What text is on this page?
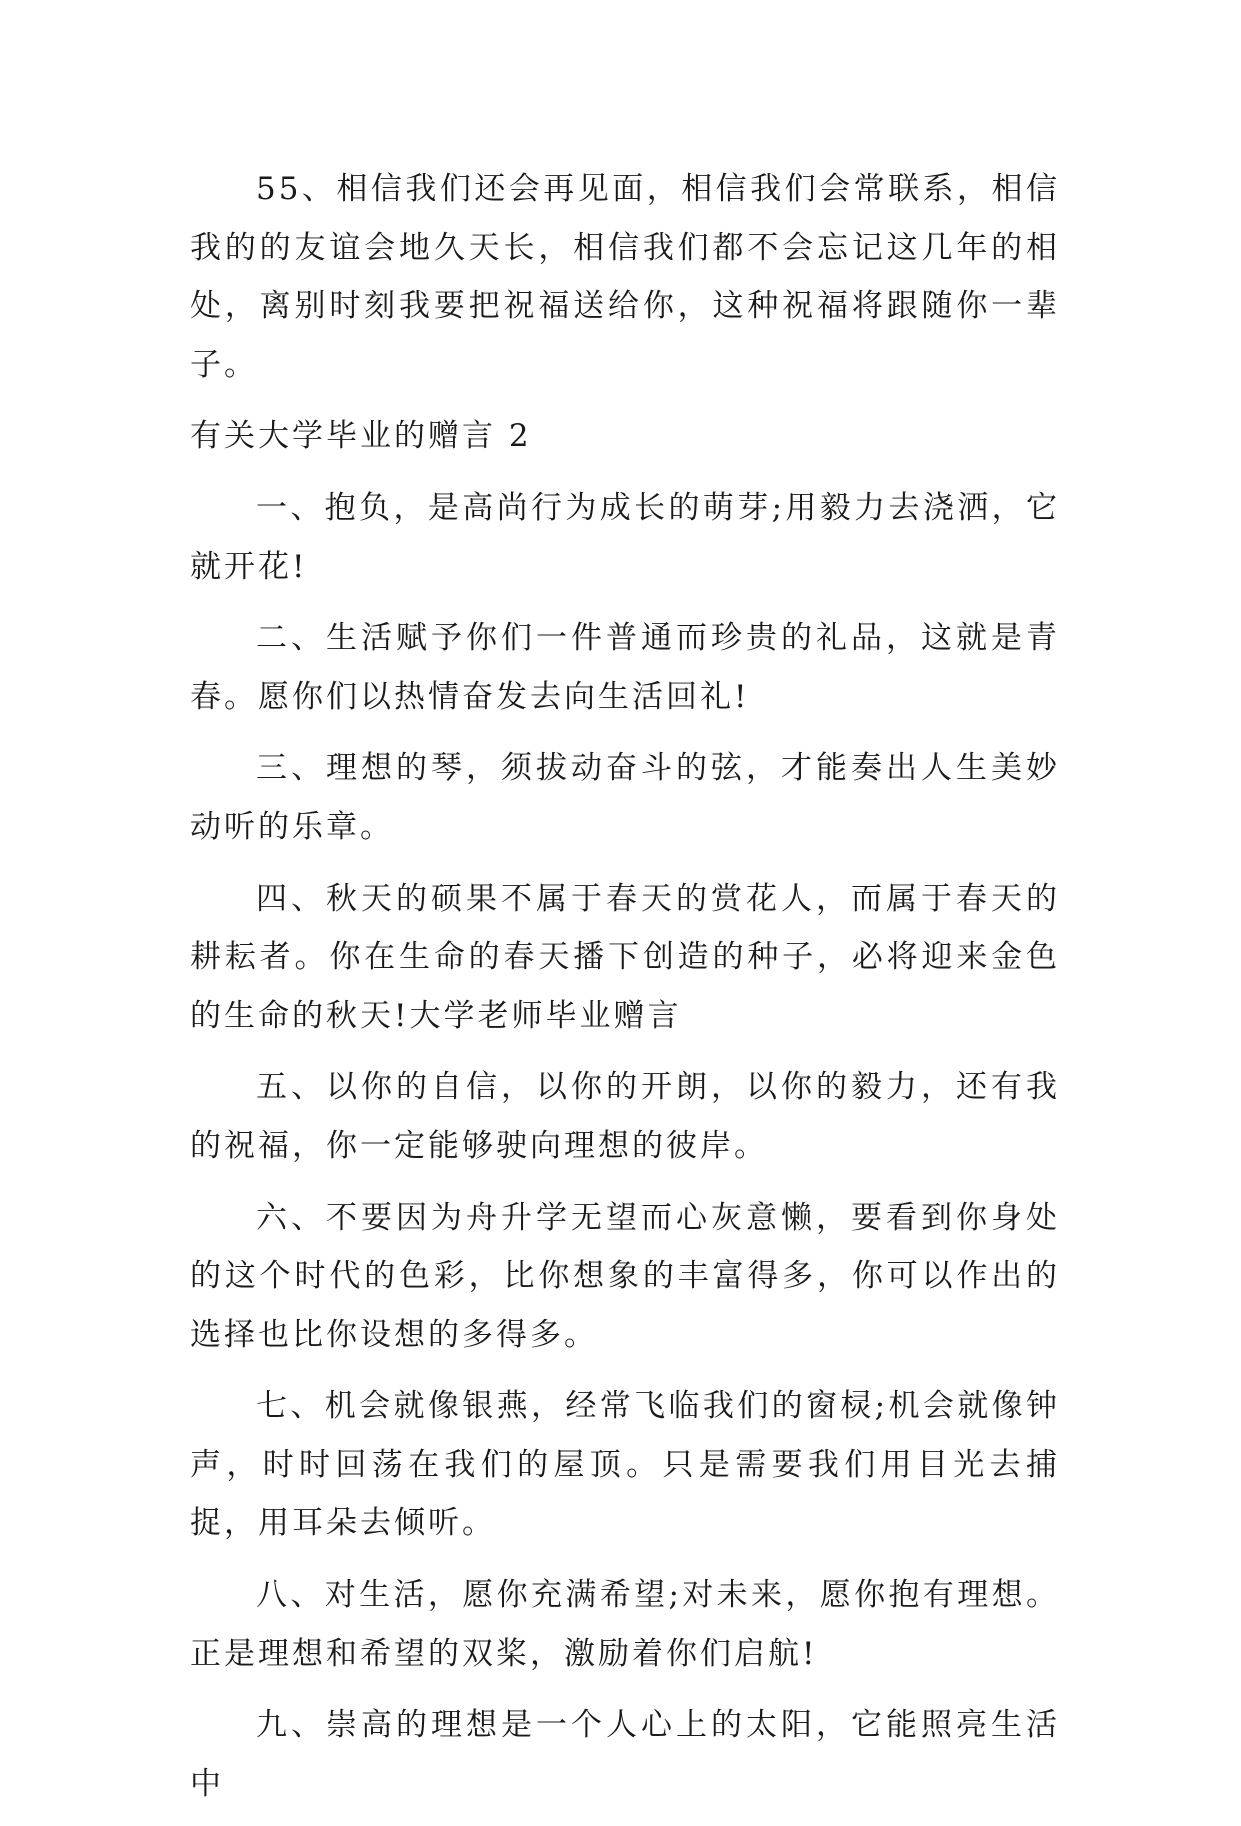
55、相信我们还会再见面，相信我们会常联系，相信我的的友谊会地久天长，相信我们都不会忘记这几年的相处，离别时刻我要把祝福送给你，这种祝福将跟随你一辈子。

有关大学毕业的赠言 2

一、抱负，是高尚行为成长的萌芽;用毅力去浇洒，它就开花!

二、生活赋予你们一件普通而珍贵的礼品，这就是青春。愿你们以热情奋发去向生活回礼!

三、理想的琴，须拔动奋斗的弦，才能奏出人生美妙动听的乐章。

四、秋天的硕果不属于春天的赏花人，而属于春天的耕耘者。你在生命的春天播下创造的种子，必将迎来金色的生命的秋天!大学老师毕业赠言

五、以你的自信，以你的开朗，以你的毅力，还有我的祝福，你一定能够驶向理想的彼岸。

六、不要因为舟升学无望而心灰意懒，要看到你身处的这个时代的色彩，比你想象的丰富得多，你可以作出的选择也比你设想的多得多。

七、机会就像银燕，经常飞临我们的窗棂;机会就像钟声，时时回荡在我们的屋顶。只是需要我们用目光去捕捉，用耳朵去倾听。

八、对生活，愿你充满希望;对未来，愿你抱有理想。正是理想和希望的双桨，激励着你们启航!

九、崇高的理想是一个人心上的太阳，它能照亮生活中
